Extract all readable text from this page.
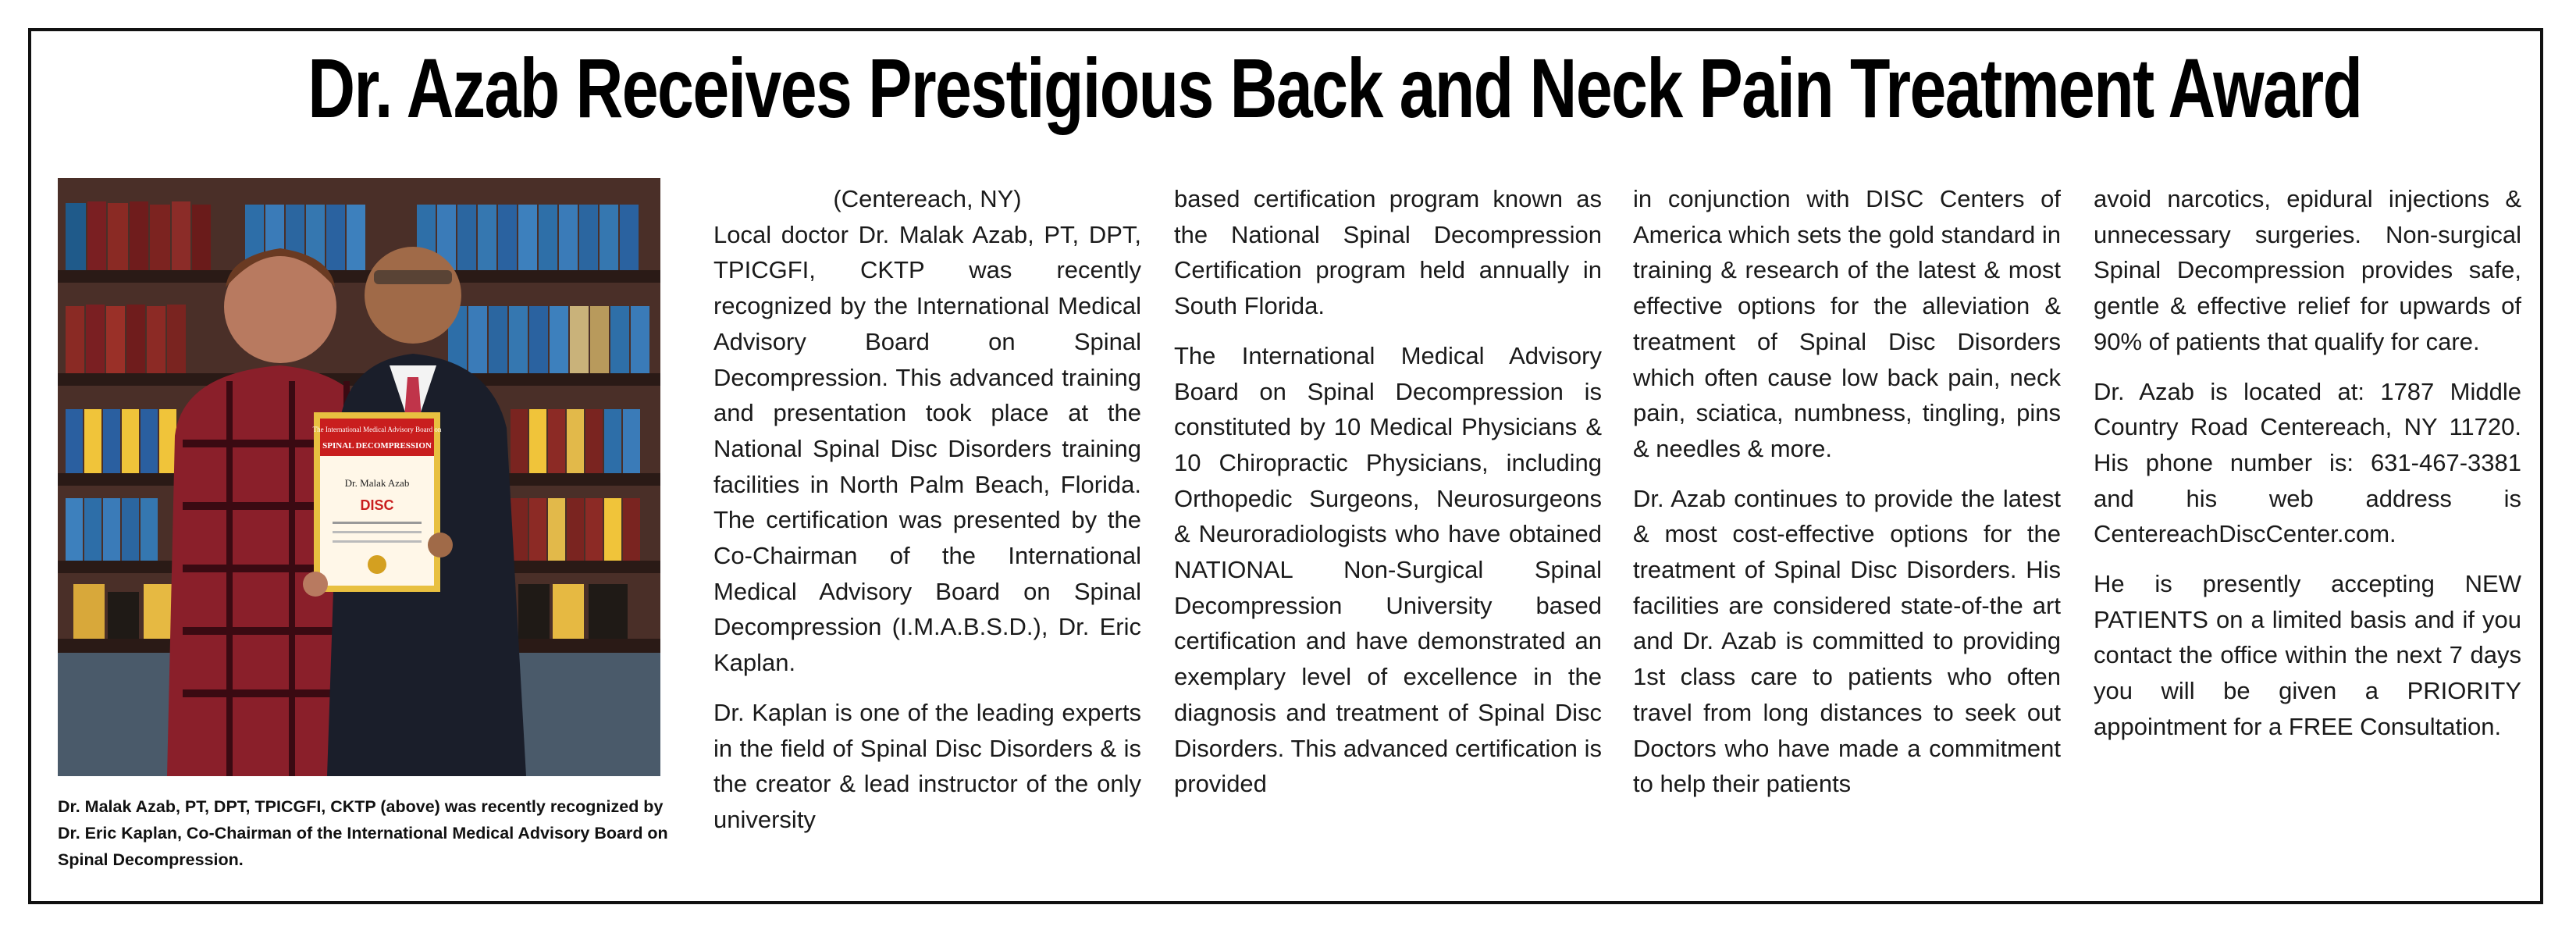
Dr. Azab Receives Prestigious Back and Neck Pain Treatment Award
The International Medical Advisory Board on
SPINAL DECOMPRESSION
Dr. Malak Azab
DISC
Dr. Malak Azab, PT, DPT, TPICGFI, CKTP (above) was recently recognized by Dr. Eric Kaplan, Co-Chairman of the International Medical Advisory Board on Spinal Decompression.

(Centereach, NY)

Local doctor Dr. Malak Azab, PT, DPT, TPICGFI, CKTP was recently recognized by the International Medical Advisory Board on Spinal Decompression. This advanced training and presentation took place at the National Spinal Disc Disorders training facilities in North Palm Beach, Florida. The certification was presented by the Co-Chairman of the International Medical Advisory Board on Spinal Decompression (I.M.A.B.S.D.), Dr. Eric Kaplan.

Dr. Kaplan is one of the leading experts in the field of Spinal Disc Disorders & is the creator & lead instructor of the only university

based certification program known as the National Spinal Decompression Certification program held annually in South Florida.

The International Medical Advisory Board on Spinal Decompression is constituted by 10 Medical Physicians & 10 Chiropractic Physicians, including Orthopedic Surgeons, Neurosurgeons & Neuroradiologists who have obtained NATIONAL Non-Surgical Spinal Decompression University based certification and have demonstrated an exemplary level of excellence in the diagnosis and treatment of Spinal Disc Disorders. This advanced certification is provided

in conjunction with DISC Centers of America which sets the gold standard in training & research of the latest & most effective options for the alleviation & treatment of Spinal Disc Disorders which often cause low back pain, neck pain, sciatica, numbness, tingling, pins & needles & more.

Dr. Azab continues to provide the latest & most cost-effective options for the treatment of Spinal Disc Disorders. His facilities are considered state-of-the art and Dr. Azab is committed to providing 1st class care to patients who often travel from long distances to seek out Doctors who have made a commitment to help their patients

avoid narcotics, epidural injections & unnecessary surgeries. Non-surgical Spinal Decompression provides safe, gentle & effective relief for upwards of 90% of patients that qualify for care.

Dr. Azab is located at: 1787 Middle Country Road Centereach, NY 11720. His phone number is: 631-467-3381 and his web address is CentereachDiscCenter.com.

He is presently accepting NEW PATIENTS on a limited basis and if you contact the office within the next 7 days you will be given a PRIORITY appointment for a FREE Consultation.
